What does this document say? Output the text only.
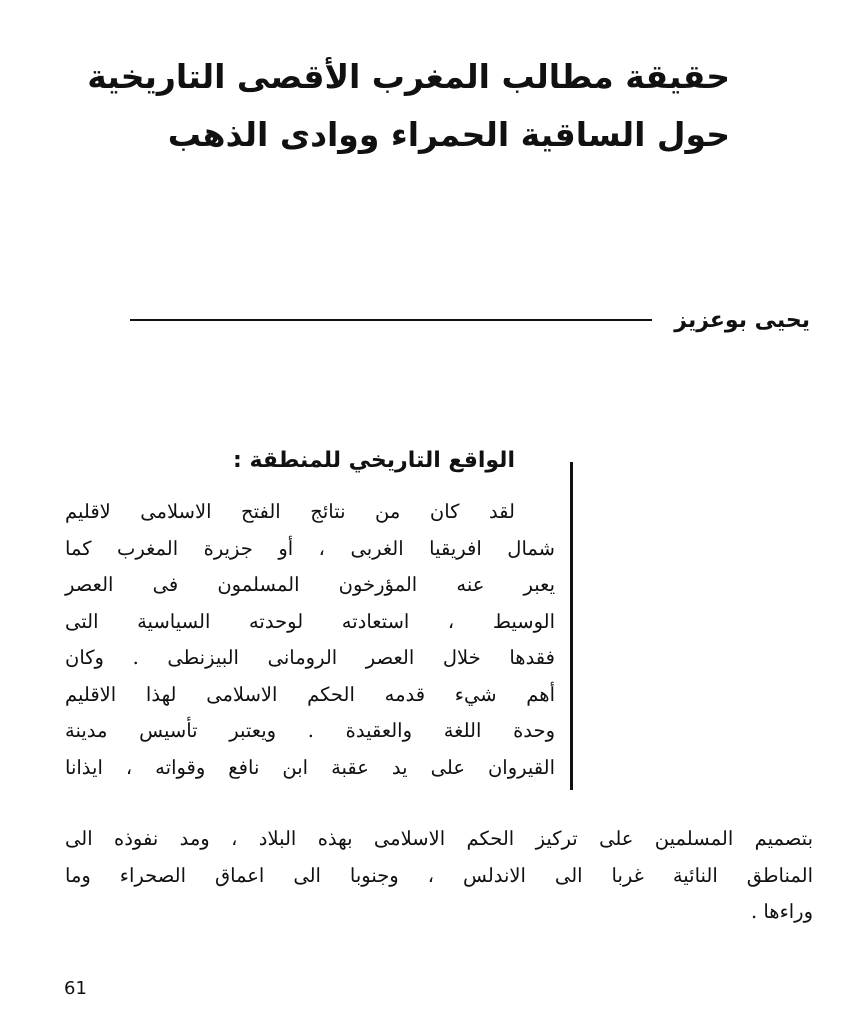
حقيقة مطالب المغرب الأقصى التاريخية
حول الساقية الحمراء ووادى الذهب
يحيى بوعزيز
الواقع التاريخي للمنطقة :
لقد كان من نتائج الفتح الاسلامى لاقليم
شمال افريقيا الغربى ، أو جزيرة المغرب كما
يعبر عنه المؤرخون المسلمون فى العصر
الوسيط ، استعادته لوحدته السياسية التى
فقدها خلال العصر الرومانى البيزنطى . وكان
أهم شيء قدمه الحكم الاسلامى لهذا الاقليم
وحدة اللغة والعقيدة . ويعتبر تأسيس مدينة
القيروان على يد عقبة ابن نافع وقواته ، ايذانا
بتصميم المسلمين على تركيز الحكم الاسلامى بهذه البلاد ، ومد نفوذه الى
المناطق النائية غربا الى الاندلس ، وجنوبا الى اعماق الصحراء وما
وراءها .
61
